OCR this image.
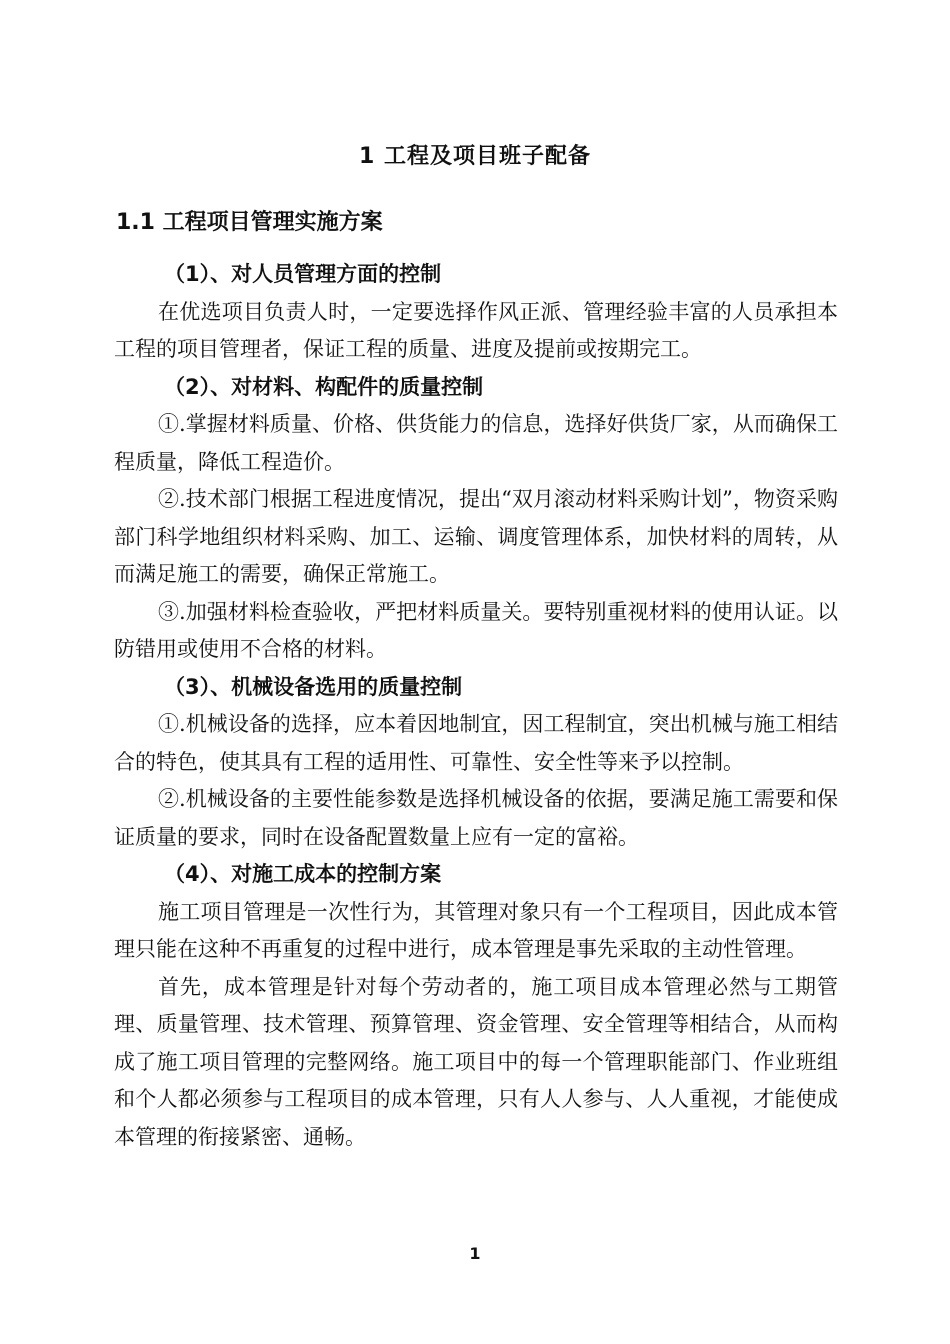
1 工程及项目班子配备
1.1 工程项目管理实施方案

（1）、对人员管理方面的控制

在优选项目负责人时，一定要选择作风正派、管理经验丰富的人员承担本工程的项目管理者，保证工程的质量、进度及提前或按期完工。

（2）、对材料、构配件的质量控制

①.掌握材料质量、价格、供货能力的信息，选择好供货厂家，从而确保工程质量，降低工程造价。

②.技术部门根据工程进度情况，提出“双月滚动材料采购计划”，物资采购部门科学地组织材料采购、加工、运输、调度管理体系，加快材料的周转，从而满足施工的需要，确保正常施工。

③.加强材料检查验收，严把材料质量关。要特别重视材料的使用认证。以防错用或使用不合格的材料。

（3）、机械设备选用的质量控制

①.机械设备的选择，应本着因地制宜，因工程制宜，突出机械与施工相结合的特色，使其具有工程的适用性、可靠性、安全性等来予以控制。

②.机械设备的主要性能参数是选择机械设备的依据，要满足施工需要和保证质量的要求，同时在设备配置数量上应有一定的富裕。

（4）、对施工成本的控制方案

施工项目管理是一次性行为，其管理对象只有一个工程项目，因此成本管理只能在这种不再重复的过程中进行，成本管理是事先采取的主动性管理。

首先，成本管理是针对每个劳动者的，施工项目成本管理必然与工期管理、质量管理、技术管理、预算管理、资金管理、安全管理等相结合，从而构成了施工项目管理的完整网络。施工项目中的每一个管理职能部门、作业班组和个人都必须参与工程项目的成本管理，只有人人参与、人人重视，才能使成本管理的衔接紧密、通畅。

1
